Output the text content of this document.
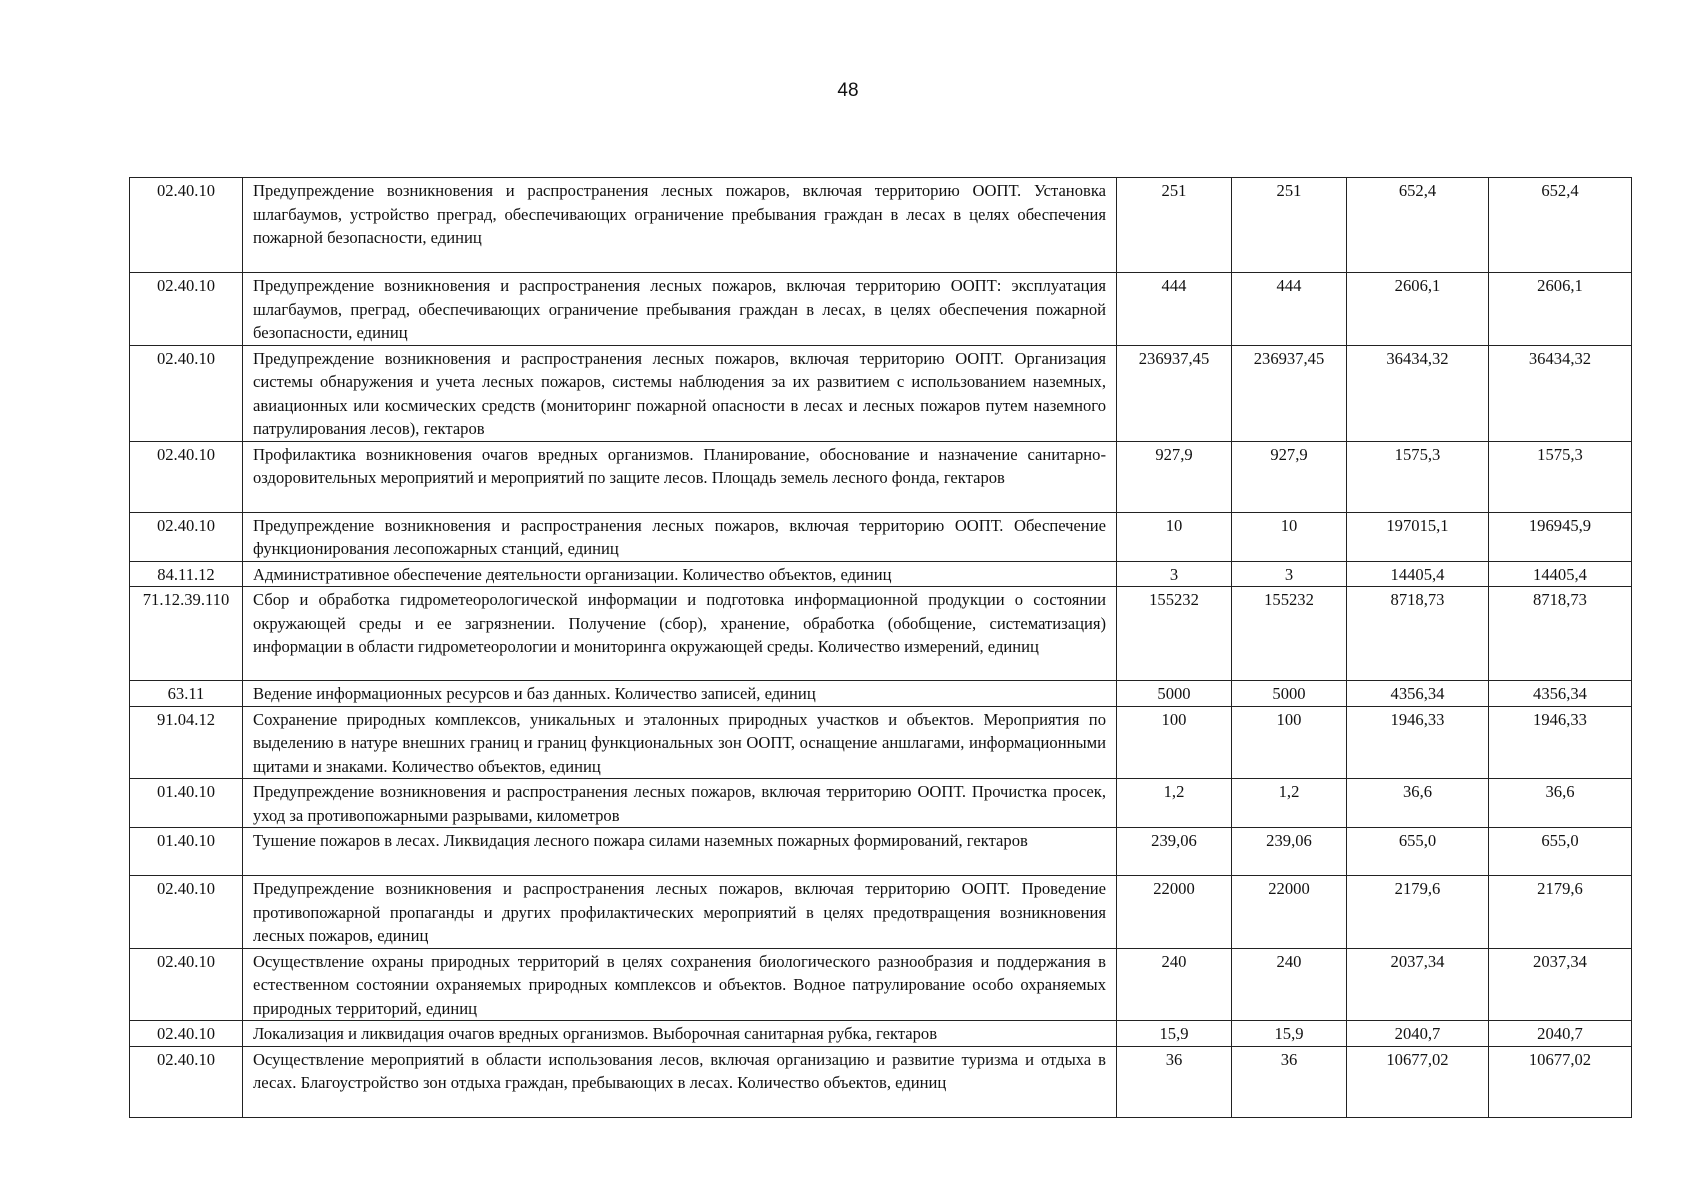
48
02.40.10	Предупреждение возникновения и распространения лесных пожаров, включая территорию ООПТ. Установка шлагбаумов, устройство преград, обеспечивающих ограничение пребывания граждан в лесах в целях обеспечения пожарной безопасности, единиц	251	251	652,4	652,4
02.40.10	Предупреждение возникновения и распространения лесных пожаров, включая территорию ООПТ: эксплуатация шлагбаумов, преград, обеспечивающих ограничение пребывания граждан в лесах, в целях обеспечения пожарной безопасности, единиц	444	444	2606,1	2606,1
02.40.10	Предупреждение возникновения и распространения лесных пожаров, включая территорию ООПТ. Организация системы обнаружения и учета лесных пожаров, системы наблюдения за их развитием с использованием наземных, авиационных или космических средств (мониторинг пожарной опасности в лесах и лесных пожаров путем наземного патрулирования лесов), гектаров	236937,45	236937,45	36434,32	36434,32
02.40.10	Профилактика возникновения очагов вредных организмов. Планирование, обоснование и назначение санитарно-оздоровительных мероприятий и мероприятий по защите лесов. Площадь земель лесного фонда, гектаров	927,9	927,9	1575,3	1575,3
02.40.10	Предупреждение возникновения и распространения лесных пожаров, включая территорию ООПТ. Обеспечение функционирования лесопожарных станций, единиц	10	10	197015,1	196945,9
84.11.12	Административное обеспечение деятельности организации. Количество объектов, единиц	3	3	14405,4	14405,4
71.12.39.110	Сбор и обработка гидрометеорологической информации и подготовка информационной продукции о состоянии окружающей среды и ее загрязнении. Получение (сбор), хранение, обработка (обобщение, систематизация) информации в области гидрометеорологии и мониторинга окружающей среды. Количество измерений, единиц	155232	155232	8718,73	8718,73
63.11	Ведение информационных ресурсов и баз данных. Количество записей, единиц	5000	5000	4356,34	4356,34
91.04.12	Сохранение природных комплексов, уникальных и эталонных природных участков и объектов. Мероприятия по выделению в натуре внешних границ и границ функциональных зон ООПТ, оснащение аншлагами, информационными щитами и знаками. Количество объектов, единиц	100	100	1946,33	1946,33
01.40.10	Предупреждение возникновения и распространения лесных пожаров, включая территорию ООПТ. Прочистка просек, уход за противопожарными разрывами, километров	1,2	1,2	36,6	36,6
01.40.10	Тушение пожаров в лесах. Ликвидация лесного пожара силами наземных пожарных формирований, гектаров	239,06	239,06	655,0	655,0
02.40.10	Предупреждение возникновения и распространения лесных пожаров, включая территорию ООПТ. Проведение противопожарной пропаганды и других профилактических мероприятий в целях предотвращения возникновения лесных пожаров, единиц	22000	22000	2179,6	2179,6
02.40.10	Осуществление охраны природных территорий в целях сохранения биологического разнообразия и поддержания в естественном состоянии охраняемых природных комплексов и объектов. Водное патрулирование особо охраняемых природных территорий, единиц	240	240	2037,34	2037,34
02.40.10	Локализация и ликвидация очагов вредных организмов. Выборочная санитарная рубка, гектаров	15,9	15,9	2040,7	2040,7
02.40.10	Осуществление мероприятий в области использования лесов, включая организацию и развитие туризма и отдыха в лесах. Благоустройство зон отдыха граждан, пребывающих в лесах. Количество объектов, единиц	36	36	10677,02	10677,02
